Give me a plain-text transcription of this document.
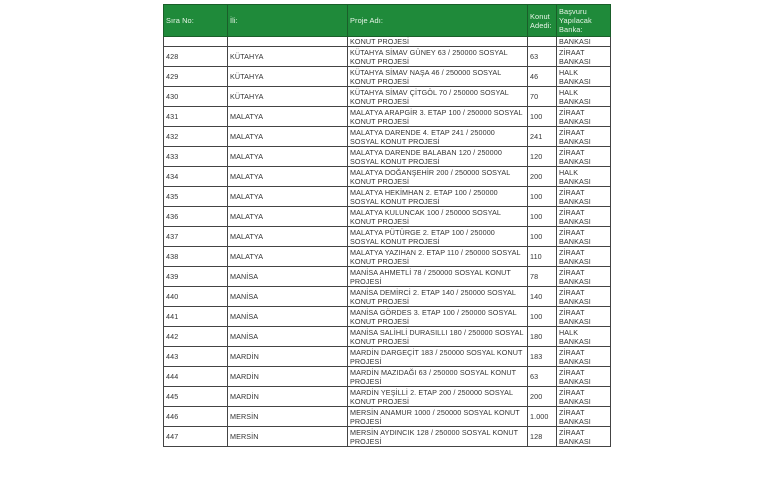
Sıra No:	İli:	Proje Adı:	Konut Adedi:	Başvuru Yapılacak Banka:
		KONUT PROJESİ		BANKASI
428	KÜTAHYA	KÜTAHYA SİMAV GÜNEY 63 / 250000 SOSYAL KONUT PROJESİ	63	ZİRAAT BANKASI
429	KÜTAHYA	KÜTAHYA SİMAV NAŞA 46 / 250000 SOSYAL KONUT PROJESİ	46	HALK BANKASI
430	KÜTAHYA	KÜTAHYA SİMAV ÇİTGÖL 70 / 250000 SOSYAL KONUT PROJESİ	70	HALK BANKASI
431	MALATYA	MALATYA ARAPGİR 3. ETAP 100 / 250000 SOSYAL KONUT PROJESİ	100	ZİRAAT BANKASI
432	MALATYA	MALATYA DARENDE 4. ETAP 241 / 250000 SOSYAL KONUT PROJESİ	241	ZİRAAT BANKASI
433	MALATYA	MALATYA DARENDE BALABAN 120 / 250000 SOSYAL KONUT PROJESİ	120	ZİRAAT BANKASI
434	MALATYA	MALATYA DOĞANŞEHİR 200 / 250000 SOSYAL KONUT PROJESİ	200	HALK BANKASI
435	MALATYA	MALATYA HEKİMHAN 2. ETAP 100 / 250000 SOSYAL KONUT PROJESİ	100	ZİRAAT BANKASI
436	MALATYA	MALATYA KULUNCAK 100 / 250000 SOSYAL KONUT PROJESİ	100	ZİRAAT BANKASI
437	MALATYA	MALATYA PÜTÜRGE 2. ETAP 100 / 250000 SOSYAL KONUT PROJESİ	100	ZİRAAT BANKASI
438	MALATYA	MALATYA YAZIHAN 2. ETAP 110 / 250000 SOSYAL KONUT PROJESİ	110	ZİRAAT BANKASI
439	MANİSA	MANİSA AHMETLİ 78 / 250000 SOSYAL KONUT PROJESİ	78	ZİRAAT BANKASI
440	MANİSA	MANİSA DEMİRCİ 2. ETAP 140 / 250000 SOSYAL KONUT PROJESİ	140	ZİRAAT BANKASI
441	MANİSA	MANİSA GÖRDES 3. ETAP 100 / 250000 SOSYAL KONUT PROJESİ	100	ZİRAAT BANKASI
442	MANİSA	MANİSA SALİHLİ DURASILLI 180 / 250000 SOSYAL KONUT PROJESİ	180	HALK BANKASI
443	MARDİN	MARDİN DARGEÇİT 183 / 250000 SOSYAL KONUT PROJESİ	183	ZİRAAT BANKASI
444	MARDİN	MARDİN MAZIDAĞI 63 / 250000 SOSYAL KONUT PROJESİ	63	ZİRAAT BANKASI
445	MARDİN	MARDİN YEŞİLLİ 2. ETAP 200 / 250000 SOSYAL KONUT PROJESİ	200	ZİRAAT BANKASI
446	MERSİN	MERSİN ANAMUR 1000 / 250000 SOSYAL KONUT PROJESİ	1.000	ZİRAAT BANKASI
447	MERSİN	MERSİN AYDINCIK 128 / 250000 SOSYAL KONUT PROJESİ	128	ZİRAAT BANKASI
